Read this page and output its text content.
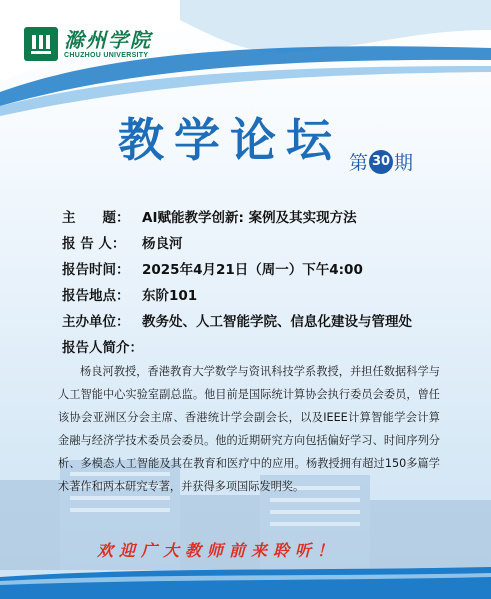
滁州学院
CHUZHOU UNIVERSITY
教学论坛 第 30 期
主　　题： AI赋能教学创新: 案例及其实现方法
报 告 人：	杨良河
报告时间： 2025年4月21日（周一）下午4:00
报告地点： 东阶101
主办单位： 教务处、人工智能学院、信息化建设与管理处
报告人简介：
杨良河教授，香港教育大学数学与资讯科技学系教授，并担任数据科学与人工智能中心实验室副总监。他目前是国际统计算协会执行委员会委员，曾任该协会亚洲区分会主席、香港统计学会副会长，以及IEEE计算智能学会计算金融与经济学技术委员会委员。他的近期研究方向包括偏好学习、时间序列分析、多模态人工智能及其在教育和医疗中的应用。杨教授拥有超过150多篇学术著作和两本研究专著，并获得多项国际发明奖。
欢迎广大教师前来聆听！
